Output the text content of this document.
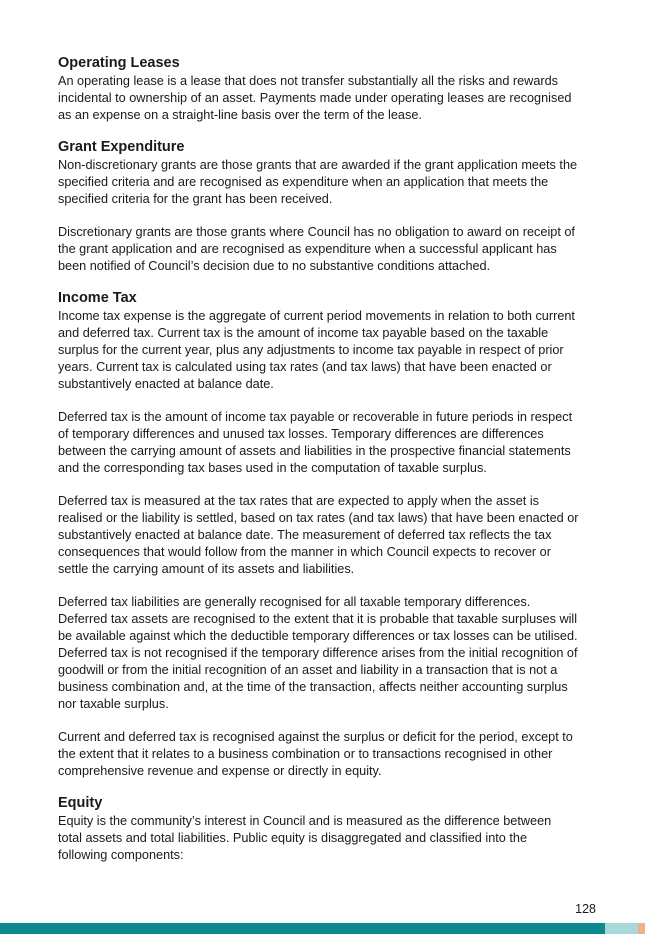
Operating Leases
An operating lease is a lease that does not transfer substantially all the risks and rewards
incidental to ownership of an asset. Payments made under operating leases are recognised
as an expense on a straight-line basis over the term of the lease.
Grant Expenditure
Non-discretionary grants are those grants that are awarded if the grant application meets the
specified criteria and are recognised as expenditure when an application that meets the
specified criteria for the grant has been received.
Discretionary grants are those grants where Council has no obligation to award on receipt of
the grant application and are recognised as expenditure when a successful applicant has
been notified of Council’s decision due to no substantive conditions attached.
Income Tax
Income tax expense is the aggregate of current period movements in relation to both current
and deferred tax. Current tax is the amount of income tax payable based on the taxable
surplus for the current year, plus any adjustments to income tax payable in respect of prior
years. Current tax is calculated using tax rates (and tax laws) that have been enacted or
substantively enacted at balance date.
Deferred tax is the amount of income tax payable or recoverable in future periods in respect
of temporary differences and unused tax losses. Temporary differences are differences
between the carrying amount of assets and liabilities in the prospective financial statements
and the corresponding tax bases used in the computation of taxable surplus.
Deferred tax is measured at the tax rates that are expected to apply when the asset is
realised or the liability is settled, based on tax rates (and tax laws) that have been enacted or
substantively enacted at balance date. The measurement of deferred tax reflects the tax
consequences that would follow from the manner in which Council expects to recover or
settle the carrying amount of its assets and liabilities.
Deferred tax liabilities are generally recognised for all taxable temporary differences.
Deferred tax assets are recognised to the extent that it is probable that taxable surpluses will
be available against which the deductible temporary differences or tax losses can be utilised.
Deferred tax is not recognised if the temporary difference arises from the initial recognition of
goodwill or from the initial recognition of an asset and liability in a transaction that is not a
business combination and, at the time of the transaction, affects neither accounting surplus
nor taxable surplus.
Current and deferred tax is recognised against the surplus or deficit for the period, except to
the extent that it relates to a business combination or to transactions recognised in other
comprehensive revenue and expense or directly in equity.
Equity
Equity is the community’s interest in Council and is measured as the difference between
total assets and total liabilities. Public equity is disaggregated and classified into the
following components:
128
